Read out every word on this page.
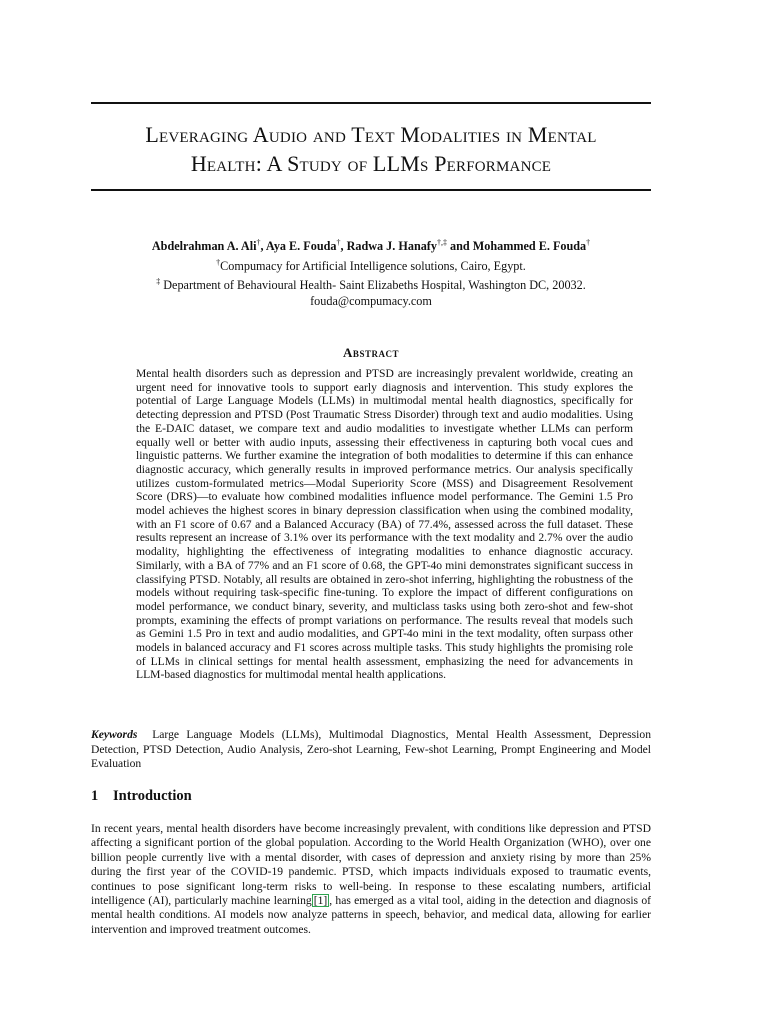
Leveraging Audio and Text Modalities in Mental
Health: A Study of LLMs Performance
Abdelrahman A. Ali†, Aya E. Fouda†, Radwa J. Hanafy†,‡ and Mohammed E. Fouda†
†Compumacy for Artificial Intelligence solutions, Cairo, Egypt.
‡ Department of Behavioural Health- Saint Elizabeths Hospital, Washington DC, 20032.
fouda@compumacy.com
Abstract
Mental health disorders such as depression and PTSD are increasingly prevalent worldwide, creating an urgent need for innovative tools to support early diagnosis and intervention. This study explores the potential of Large Language Models (LLMs) in multimodal mental health diagnostics, specifically for detecting depression and PTSD (Post Traumatic Stress Disorder) through text and audio modalities. Using the E-DAIC dataset, we compare text and audio modalities to investigate whether LLMs can perform equally well or better with audio inputs, assessing their effectiveness in capturing both vocal cues and linguistic patterns. We further examine the integration of both modalities to determine if this can enhance diagnostic accuracy, which generally results in improved performance metrics. Our analysis specifically utilizes custom-formulated metrics—Modal Superiority Score (MSS) and Disagreement Resolvement Score (DRS)—to evaluate how combined modalities influence model performance. The Gemini 1.5 Pro model achieves the highest scores in binary depression classification when using the combined modality, with an F1 score of 0.67 and a Balanced Accuracy (BA) of 77.4%, assessed across the full dataset. These results represent an increase of 3.1% over its performance with the text modality and 2.7% over the audio modality, highlighting the effectiveness of integrating modalities to enhance diagnostic accuracy. Similarly, with a BA of 77% and an F1 score of 0.68, the GPT-4o mini demonstrates significant success in classifying PTSD. Notably, all results are obtained in zero-shot inferring, highlighting the robustness of the models without requiring task-specific fine-tuning. To explore the impact of different configurations on model performance, we conduct binary, severity, and multiclass tasks using both zero-shot and few-shot prompts, examining the effects of prompt variations on performance. The results reveal that models such as Gemini 1.5 Pro in text and audio modalities, and GPT-4o mini in the text modality, often surpass other models in balanced accuracy and F1 scores across multiple tasks. This study highlights the promising role of LLMs in clinical settings for mental health assessment, emphasizing the need for advancements in LLM-based diagnostics for multimodal mental health applications.
Keywords Large Language Models (LLMs), Multimodal Diagnostics, Mental Health Assessment, Depression Detection, PTSD Detection, Audio Analysis, Zero-shot Learning, Few-shot Learning, Prompt Engineering and Model Evaluation
1 Introduction
In recent years, mental health disorders have become increasingly prevalent, with conditions like depression and PTSD affecting a significant portion of the global population. According to the World Health Organization (WHO), over one billion people currently live with a mental disorder, with cases of depression and anxiety rising by more than 25% during the first year of the COVID-19 pandemic. PTSD, which impacts individuals exposed to traumatic events, continues to pose significant long-term risks to well-being. In response to these escalating numbers, artificial intelligence (AI), particularly machine learning [1] , has emerged as a vital tool, aiding in the detection and diagnosis of mental health conditions. AI models now analyze patterns in speech, behavior, and medical data, allowing for earlier intervention and improved treatment outcomes.
